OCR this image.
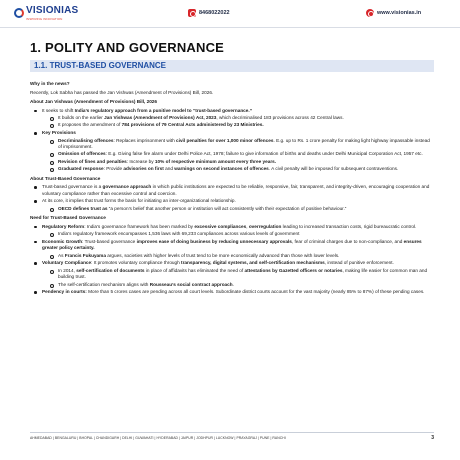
VISIONIAS
INSPIRING INNOVATION
8468022022	www.visionias.in
1. POLITY AND GOVERNANCE
1.1. TRUST-BASED GOVERNANCE

Why in the news?

Recently, Lok Sabha has passed the Jan Vishwas (Amendment of Provisions) Bill, 2026.

About Jan Vishwas (Amendment of Provisions) Bill, 2026

It seeks to shift India’s regulatory approach from a punitive model to “trust-based governance.”
It builds on the earlier Jan Vishwas (Amendment of Provisions) Act, 2023, which decriminalised 183 provisions across 42 Central laws.
It proposes the amendment of 784 provisions of 79 Central Acts administered by 23 Ministries.
Key Provisions
Decriminalising offences: Replaces imprisonment with civil penalties for over 1,000 minor offences. E.g. up to Rs. 1 crore penalty for making light highway impassable instead of imprisonment.
Omission of offences: E.g. Giving false fire alarm under Delhi Police Act, 1978; failure to give information of births and deaths under Delhi Municipal Corporation Act, 1957 etc.
Revision of fines and penalties: Increase by 10% of respective minimum amount every three years.
Graduated response: Provide advisories on first and warnings on second instances of offences. A civil penalty will be imposed for subsequent contraventions.

About Trust-Based Governance

Trust-based governance is a governance approach in which public institutions are expected to be reliable, responsive, fair, transparent, and integrity-driven, encouraging cooperation and voluntary compliance rather than excessive control and coercion.
At its core, it implies that trust forms the basis for initiating an inter-organizational relationship.
OECD defines trust as “a person’s belief that another person or institution will act consistently with their expectation of positive behaviour.”

Need for Trust-Based Governance

Regulatory Reform: India’s governance framework has been marked by excessive compliances, overregulation leading to increased transaction costs, rigid bureaucratic control.
India’s regulatory framework encompasses 1,536 laws with 69,233 compliances across various levels of government
Economic Growth: Trust-based governance improves ease of doing business by reducing unnecessary approvals, fear of criminal charges due to non-compliance, and ensures greater policy certainty.
As Francis Fukuyama argues, societies with higher levels of trust tend to be more economically advanced than those with lower levels.
Voluntary Compliance: It promotes voluntary compliance through transparency, digital systems, and self-certification mechanisms, instead of punitive enforcement.
In 2014, self-certification of documents in place of affidavits has eliminated the need of attestations by Gazetted officers or notaries, making life easier for common man and building trust.
The self-certification mechanism aligns with Rousseau’s social contract approach.
Pendency in courts: More than 5 crores cases are pending across all court levels. Subordinate district courts account for the vast majority (nearly 85% to 87%) of these pending cases.
AHMEDABAD | BENGALURU | BHOPAL | CHANDIGARH | DELHI | GUWAHATI | HYDERABAD | JAIPUR | JODHPUR | LUCKNOW | PRAYAGRAJ | PUNE | RANCHI	3
